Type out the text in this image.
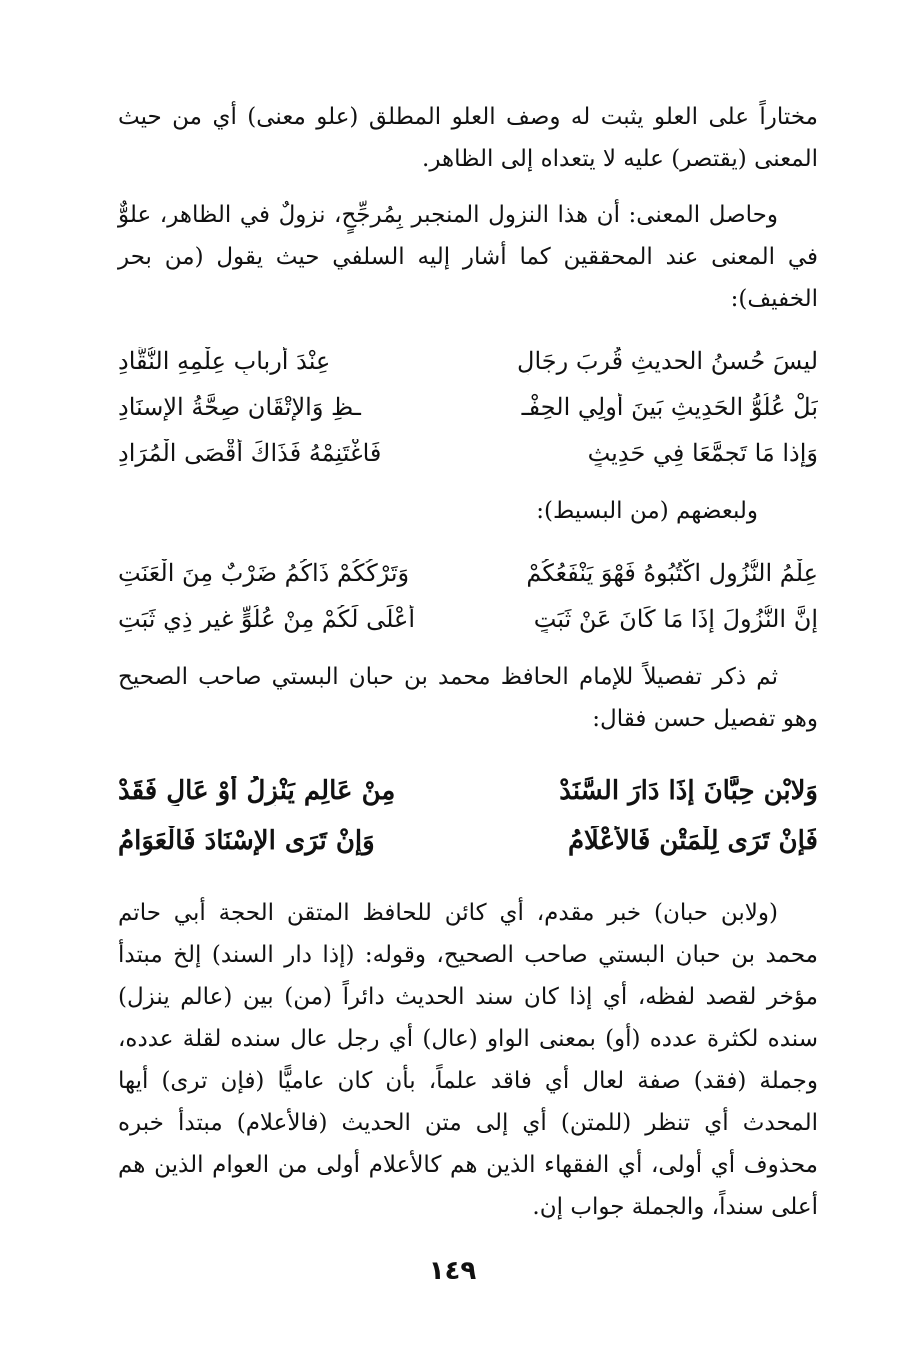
مختاراً على العلو يثبت له وصف العلو المطلق (علو معنى) أي من حيث المعنى (يقتصر) عليه لا يتعداه إلى الظاهر.

وحاصل المعنى: أن هذا النزول المنجبر بِمُرجِّحٍ، نزولٌ في الظاهر، علوٌّ في المعنى عند المحققين كما أشار إليه السلفي حيث يقول (من بحر الخفيف):

ليسَ حُسنُ الحديثِ قُربَ رِجَالٍ
عِنْدَ أربابِ عِلْمِهِ النُّقَّادِ
بَلْ عُلُوُّ الحَدِيثِ بَينَ أُولِي الحِفْـ
ـظِ وَالإِتْقَانِ صِحَّةُ الإِسنَادِ
وَإذا مَا تَجمَّعَا فِي حَدِيثٍ
فَاغْتَنِمْهُ فَذَاكَ أَقْصَى الْمُرَادِ
ولبعضهم (من البسيط):
عِلْمُ النُّزُولِ اكْتُبُوهُ فَهْوَ يَنْفَعُكُمْ
وَتَرْكُكُمْ ذَاكُمُ ضَرْبٌ مِنَ الْعَنَتِ
إنَّ النُّزُولَ إذَا مَا كَانَ عَنْ ثَبَتٍ
أَعْلَى لَكُمْ مِنْ عُلُوٍّ غيرِ ذِي ثَبَتِ

ثم ذكر تفصيلاً للإمام الحافظ محمد بن حبان البستي صاحب الصحيح وهو تفصيل حسن فقال:

وَلابْنِ حِبَّانَ إذَا دَارَ السَّنَدْ
مِنْ عَالِمٍ يَنْزِلُ أَوْ عَالٍ فَقَدْ
فَإنْ تَرَى لِلْمَتْنِ فَالأَعْلَامُ
وَإنْ تَرَى الإِسْنَادَ فَالْعَوَامُ

(ولابن حبان) خبر مقدم، أي كائن للحافظ المتقن الحجة أبي حاتم محمد بن حبان البستي صاحب الصحيح، وقوله: (إذا دار السند) إلخ مبتدأ مؤخر لقصد لفظه، أي إذا كان سند الحديث دائراً (من) بين (عالم ينزل) سنده لكثرة عدده (أو) بمعنى الواو (عال) أي رجل عال سنده لقلة عدده، وجملة (فقد) صفة لعال أي فاقد علماً، بأن كان عاميًّا (فإن ترى) أيها المحدث أي تنظر (للمتن) أي إلى متن الحديث (فالأعلام) مبتدأ خبره محذوف أي أولى، أي الفقهاء الذين هم كالأعلام أولى من العوام الذين هم أعلى سنداً، والجملة جواب إن.

١٤٩
